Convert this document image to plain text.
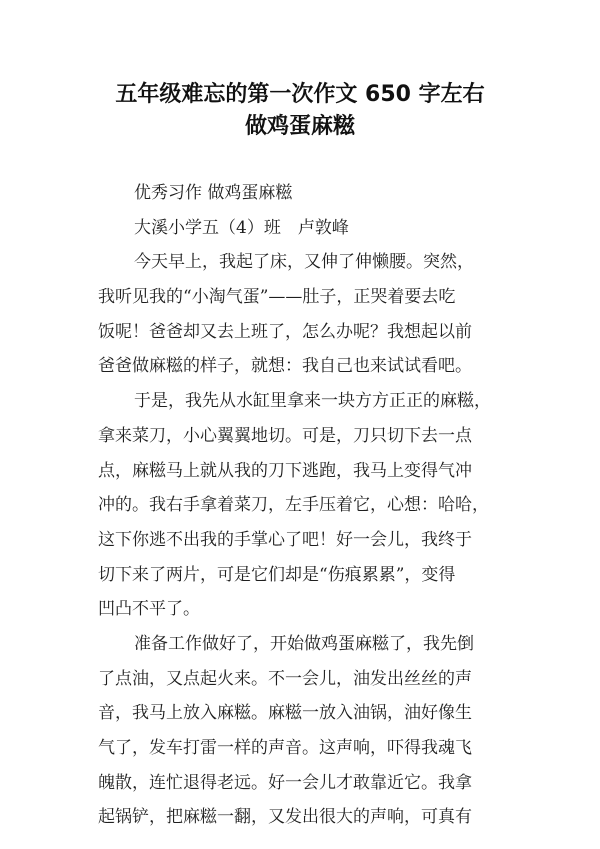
五年级难忘的第一次作文 650 字左右
做鸡蛋麻糍
优秀习作 做鸡蛋麻糍
大溪小学五（4）班　卢敦峰
今天早上，我起了床，又伸了伸懒腰。突然，
我听见我的“小淘气蛋”——肚子，正哭着要去吃
饭呢！爸爸却又去上班了，怎么办呢？我想起以前
爸爸做麻糍的样子，就想：我自己也来试试看吧。
于是，我先从水缸里拿来一块方方正正的麻糍，
拿来菜刀，小心翼翼地切。可是，刀只切下去一点
点，麻糍马上就从我的刀下逃跑，我马上变得气冲
冲的。我右手拿着菜刀，左手压着它，心想：哈哈，
这下你逃不出我的手掌心了吧！好一会儿，我终于
切下来了两片，可是它们却是“伤痕累累”，变得
凹凸不平了。
准备工作做好了，开始做鸡蛋麻糍了，我先倒
了点油，又点起火来。不一会儿，油发出丝丝的声
音，我马上放入麻糍。麻糍一放入油锅，油好像生
气了，发车打雷一样的声音。这声响，吓得我魂飞
魄散，连忙退得老远。好一会儿才敢靠近它。我拿
起锅铲，把麻糍一翻，又发出很大的声响，可真有
